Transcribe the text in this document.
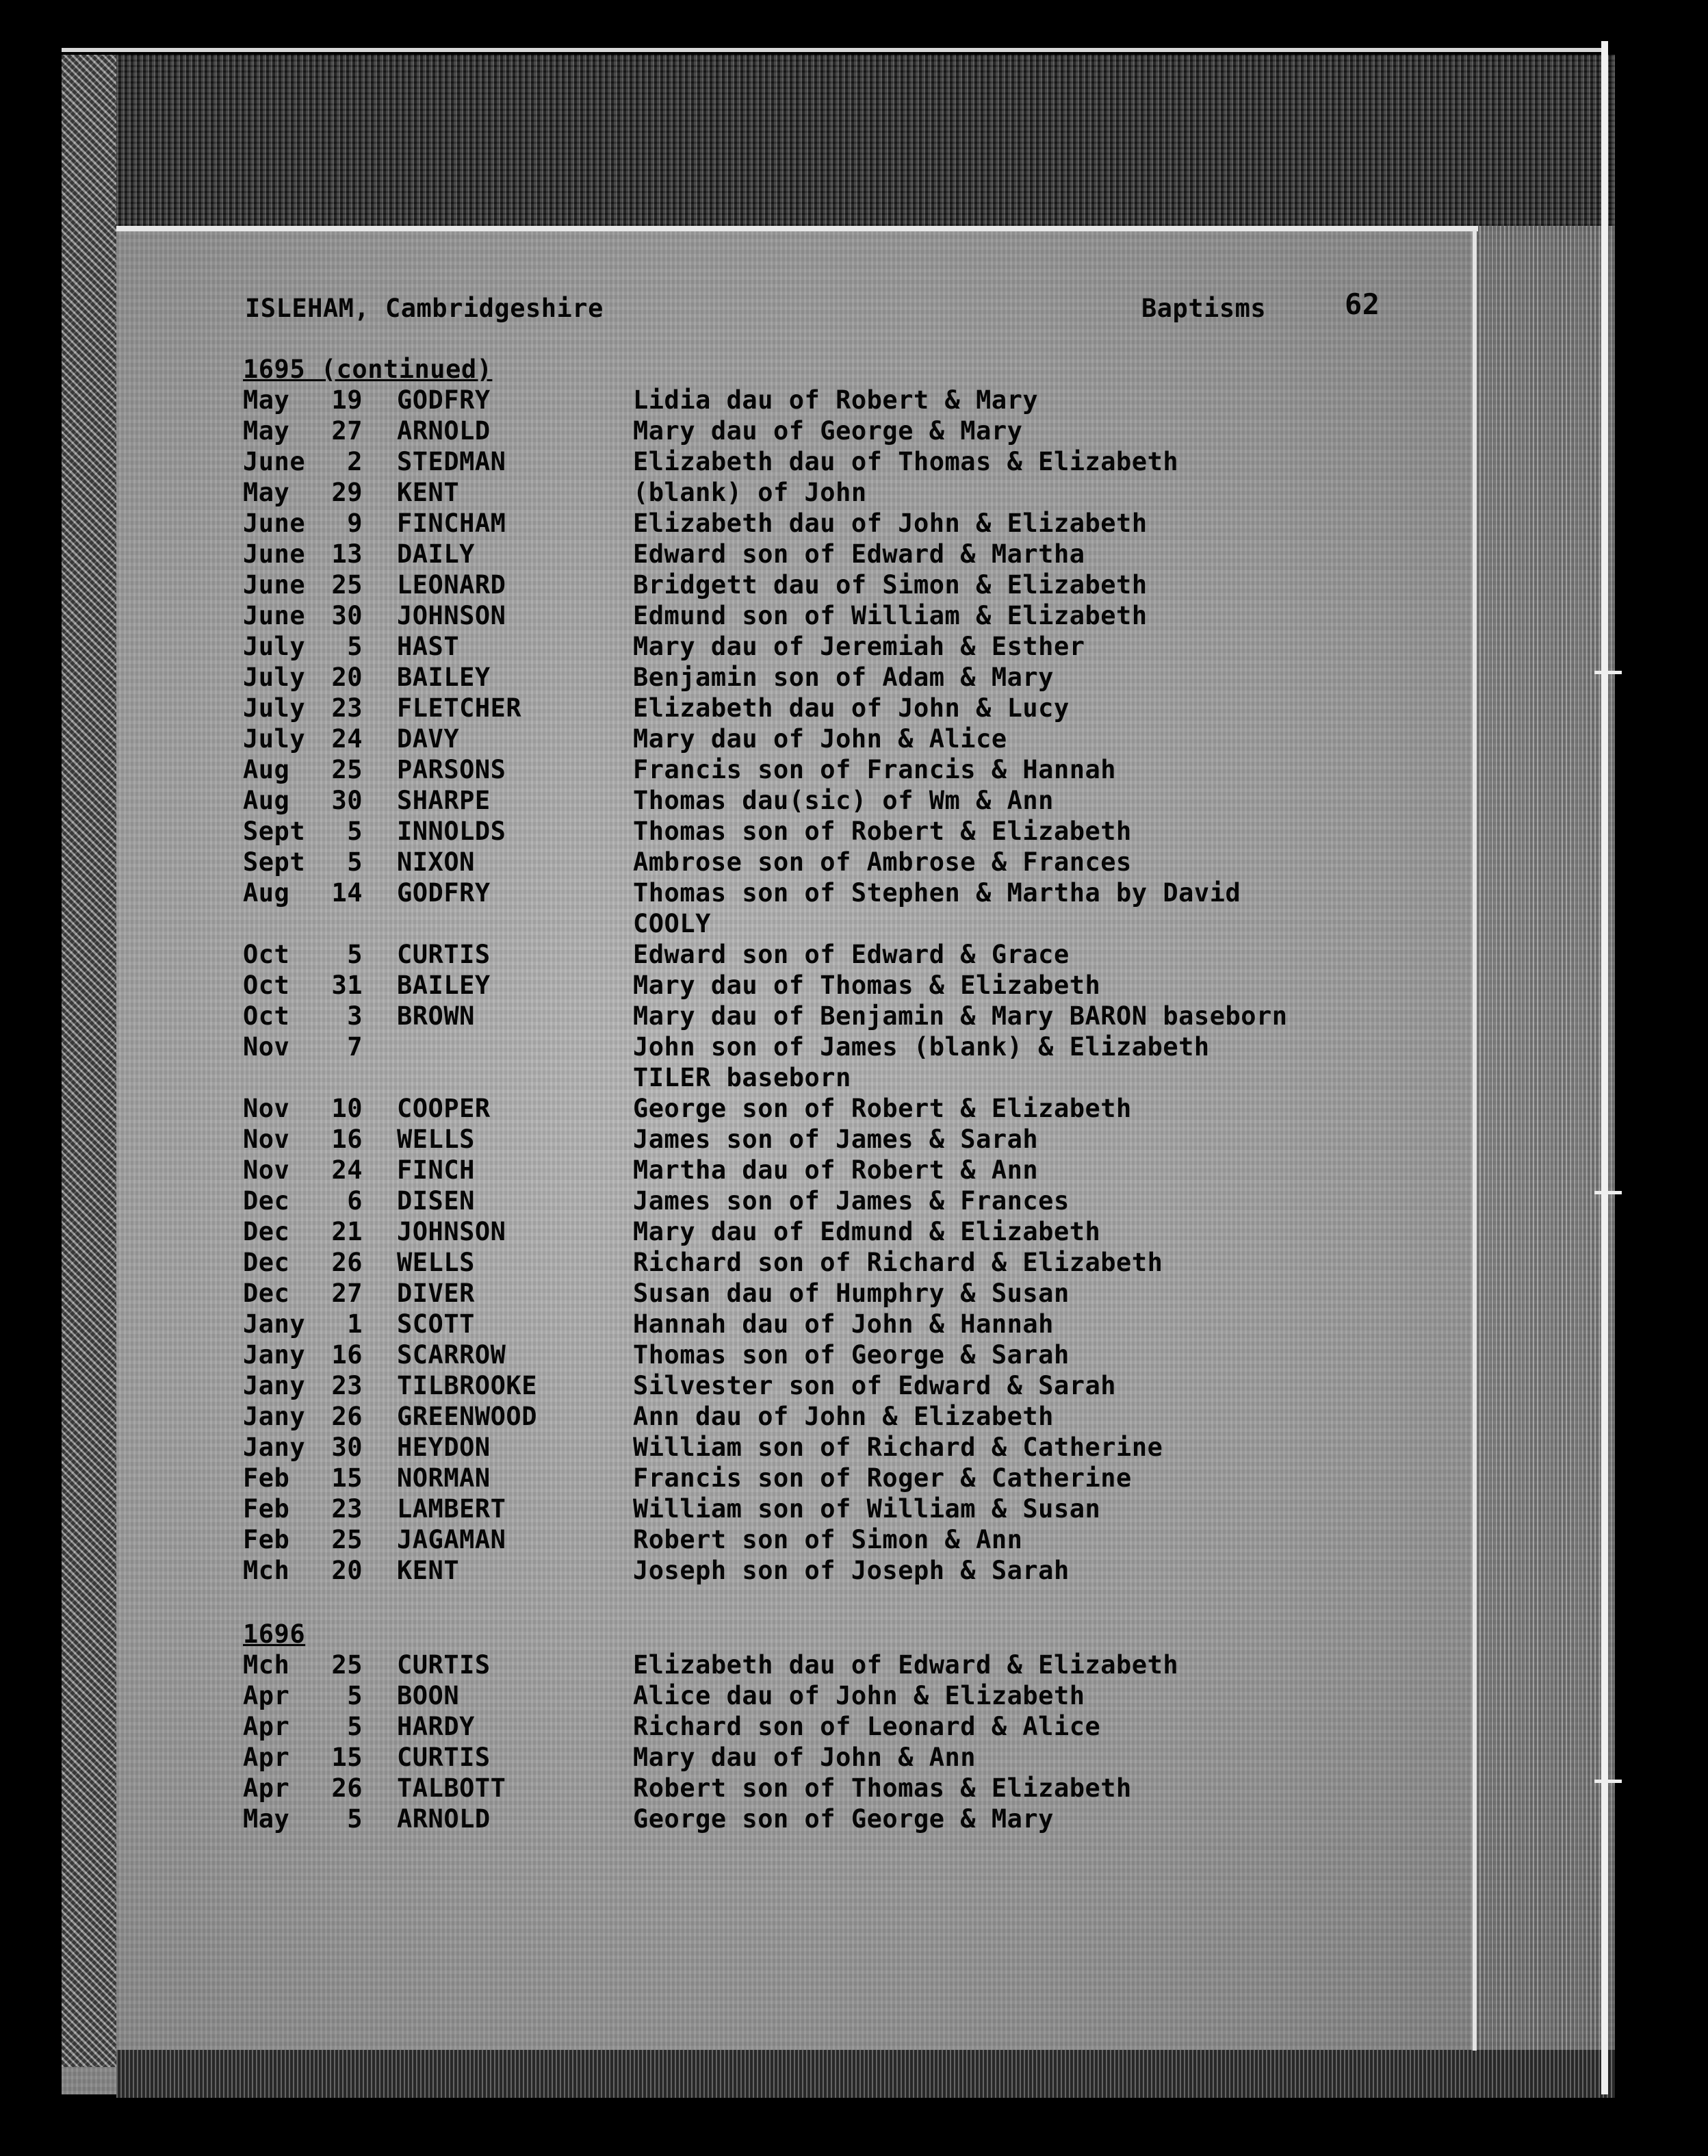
ISLEHAM, Cambridgeshire	Baptisms	62
1695 (continued)
May	19 GODFRY	Lidia dau of Robert & Mary
May	27 ARNOLD	Mary dau of George & Mary
June	2 STEDMAN	Elizabeth dau of Thomas & Elizabeth
May	29 KENT	(blank) of John
June	9 FINCHAM	Elizabeth dau of John & Elizabeth
June	13 DAILY	Edward son of Edward & Martha
June	25 LEONARD	Bridgett dau of Simon & Elizabeth
June	30 JOHNSON	Edmund son of William & Elizabeth
July	5 HAST	Mary dau of Jeremiah & Esther
July	20 BAILEY	Benjamin son of Adam & Mary
July	23 FLETCHER	Elizabeth dau of John & Lucy
July	24 DAVY	Mary dau of John & Alice
Aug	25 PARSONS	Francis son of Francis & Hannah
Aug	30 SHARPE	Thomas dau(sic) of Wm & Ann
Sept	5 INNOLDS	Thomas son of Robert & Elizabeth
Sept	5 NIXON	Ambrose son of Ambrose & Frances
Aug	14 GODFRY	Thomas son of Stephen & Martha by David
COOLY
Oct	5 CURTIS	Edward son of Edward & Grace
Oct	31 BAILEY	Mary dau of Thomas & Elizabeth
Oct	3 BROWN	Mary dau of Benjamin & Mary BARON baseborn
Nov	7	John son of James (blank) & Elizabeth
TILER baseborn
Nov	10 COOPER	George son of Robert & Elizabeth
Nov	16 WELLS	James son of James & Sarah
Nov	24 FINCH	Martha dau of Robert & Ann
Dec	6 DISEN	James son of James & Frances
Dec	21 JOHNSON	Mary dau of Edmund & Elizabeth
Dec	26 WELLS	Richard son of Richard & Elizabeth
Dec	27 DIVER	Susan dau of Humphry & Susan
Jany	1 SCOTT	Hannah dau of John & Hannah
Jany	16 SCARROW	Thomas son of George & Sarah
Jany	23 TILBROOKE	Silvester son of Edward & Sarah
Jany	26 GREENWOOD	Ann dau of John & Elizabeth
Jany	30 HEYDON	William son of Richard & Catherine
Feb	15 NORMAN	Francis son of Roger & Catherine
Feb	23 LAMBERT	William son of William & Susan
Feb	25 JAGAMAN	Robert son of Simon & Ann
Mch	20 KENT	Joseph son of Joseph & Sarah
1696
Mch	25 CURTIS	Elizabeth dau of Edward & Elizabeth
Apr	5 BOON	Alice dau of John & Elizabeth
Apr	5 HARDY	Richard son of Leonard & Alice
Apr	15 CURTIS	Mary dau of John & Ann
Apr	26 TALBOTT	Robert son of Thomas & Elizabeth
May	5 ARNOLD	George son of George & Mary
